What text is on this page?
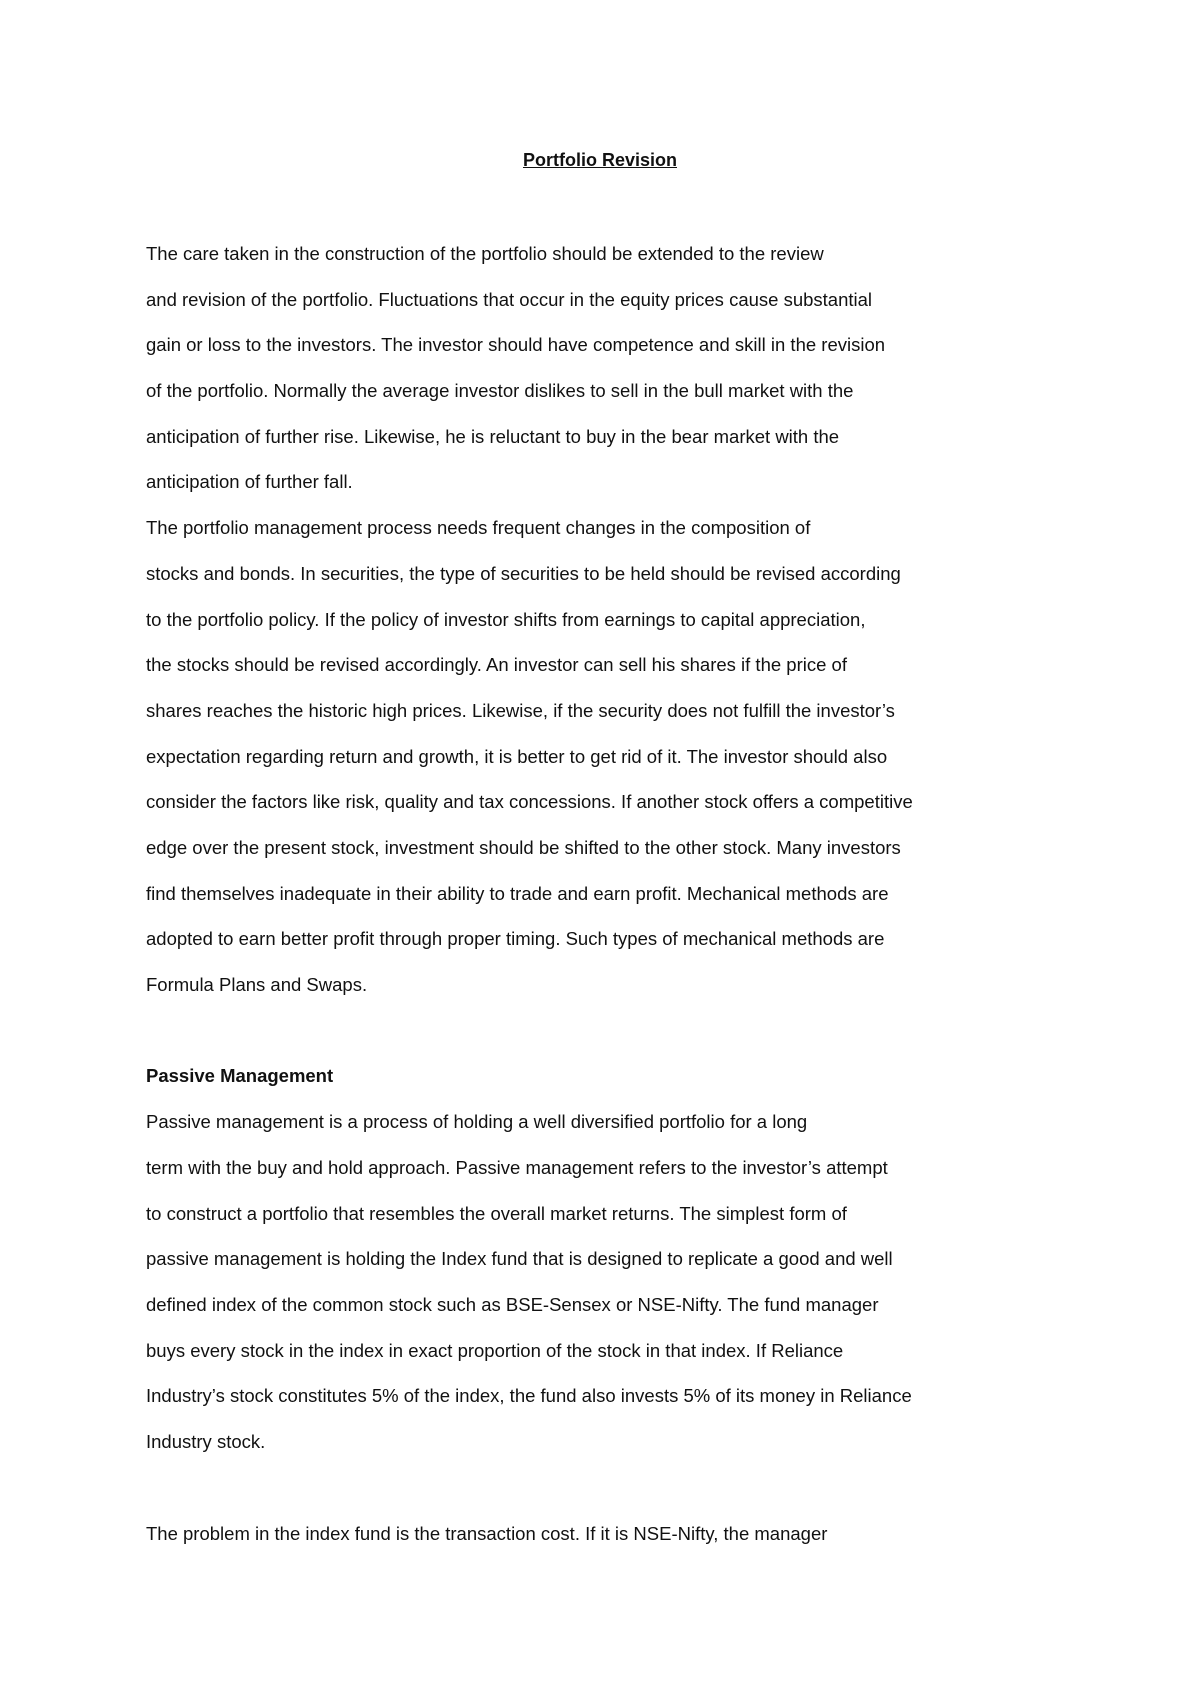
Portfolio Revision

The care taken in the construction of the portfolio should be extended to the review

and revision of the portfolio. Fluctuations that occur in the equity prices cause substantial

gain or loss to the investors. The investor should have competence and skill in the revision

of the portfolio. Normally the average investor dislikes to sell in the bull market with the

anticipation of further rise. Likewise, he is reluctant to buy in the bear market with the

anticipation of further fall.

The portfolio management process needs frequent changes in the composition of

stocks and bonds. In securities, the type of securities to be held should be revised according

to the portfolio policy. If the policy of investor shifts from earnings to capital appreciation,

the stocks should be revised accordingly. An investor can sell his shares if the price of

shares reaches the historic high prices. Likewise, if the security does not fulfill the investor’s

expectation regarding return and growth, it is better to get rid of it. The investor should also

consider the factors like risk, quality and tax concessions. If another stock offers a competitive

edge over the present stock, investment should be shifted to the other stock. Many investors

find themselves inadequate in their ability to trade and earn profit. Mechanical methods are

adopted to earn better profit through proper timing. Such types of mechanical methods are

Formula Plans and Swaps.

Passive Management

Passive management is a process of holding a well diversified portfolio for a long

term with the buy and hold approach. Passive management refers to the investor’s attempt

to construct a portfolio that resembles the overall market returns. The simplest form of

passive management is holding the Index fund that is designed to replicate a good and well

defined index of the common stock such as BSE-Sensex or NSE-Nifty. The fund manager

buys every stock in the index in exact proportion of the stock in that index. If Reliance

Industry’s stock constitutes 5% of the index, the fund also invests 5% of its money in Reliance

Industry stock.

The problem in the index fund is the transaction cost. If it is NSE-Nifty, the manager
